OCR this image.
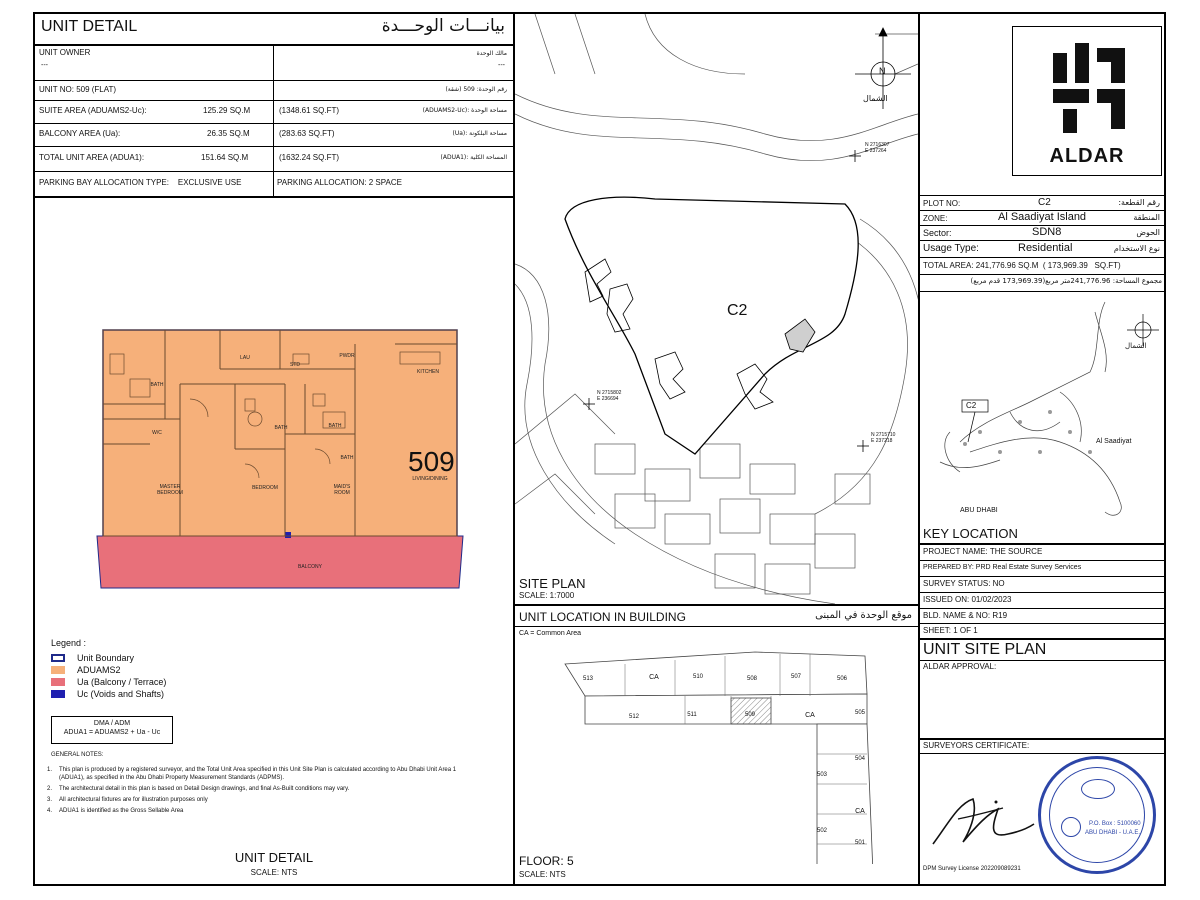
UNIT DETAIL	بيانـــات الوحـــدة
UNIT OWNER
---
مالك الوحدة
---
UNIT NO: 509 (FLAT)	رقم الوحدة: 509 (شقة)
SUITE AREA (ADUAMS2-Uc):	125.29 SQ.M	(1348.61 SQ.FT)	مساحة الوحدة :(ADUAMS2-Uc)
BALCONY AREA (Ua):	26.35 SQ.M	(283.63 SQ.FT)	مساحة البلكونة :(Ua)
TOTAL UNIT AREA (ADUA1):	151.64 SQ.M	(1632.24 SQ.FT)	المساحة الكلية :(ADUA1)
PARKING BAY ALLOCATION TYPE:    EXCLUSIVE USE	PARKING ALLOCATION: 2 SPACE
509
LIVING/DINING
KITCHEN
STD
PWDR
LAU
BATH
BATH	BATH
BATH
W/C
MASTER BEDROOM
BEDROOM	MAID'S ROOM
BALCONY
Legend :
Unit Boundary
ADUAMS2
Ua (Balcony / Terrace)
Uc (Voids and Shafts)
DMA / ADM
ADUA1 = ADUAMS2 + Ua - Uc
GENERAL NOTES:
1.	This plan is produced by a registered surveyor, and the Total Unit Area specified in this Unit Site Plan is calculated according to Abu Dhabi Unit Area 1 (ADUA1), as specified in the Abu Dhabi Property Measurement Standards (ADPMS).
2.	The architectural detail in this plan is based on Detail Design drawings, and final As-Built conditions may vary.
3.	All architectural fixtures are for illustration purposes only
4.	ADUA1 is identified as the Gross Sellable Area
UNIT DETAIL
SCALE: NTS
N
الشمال
C2
N 2716307
E 237264
N 2715802
E 236694
N 2715710
E 237218
SITE PLAN
SCALE: 1:7000
UNIT LOCATION IN BUILDING	موقع الوحدة في المبنى
CA = Common Area
513	CA	510	508	507	506
512	511	509	CA	505
504
503
CA
502
501
FLOOR: 5
SCALE: NTS
ALDAR
PLOT NO:	C2	رقم القطعة:
ZONE:	Al Saadiyat Island	المنطقة
Sector:	SDN8	الحوض
Usage Type:	Residential	نوع الاستخدام
TOTAL AREA: 241,776.96 SQ.M  ( 173,969.39   SQ.FT)
مجموع المساحة: 241,776.96متر مربع(173,969.39 قدم مربع)
الشمال
C2
Al Saadiyat
ABU DHABI
KEY LOCATION
PROJECT NAME: THE SOURCE
PREPARED BY: PRD Real Estate Survey Services
SURVEY STATUS: NO
ISSUED ON: 01/02/2023
BLD. NAME & NO: R19
SHEET: 1 OF 1
UNIT SITE PLAN
ALDAR APPROVAL:
SURVEYORS CERTIFICATE:
P.O. Box : 5100060
ABU DHABI - U.A.E.
DPM Survey License 202209089231
